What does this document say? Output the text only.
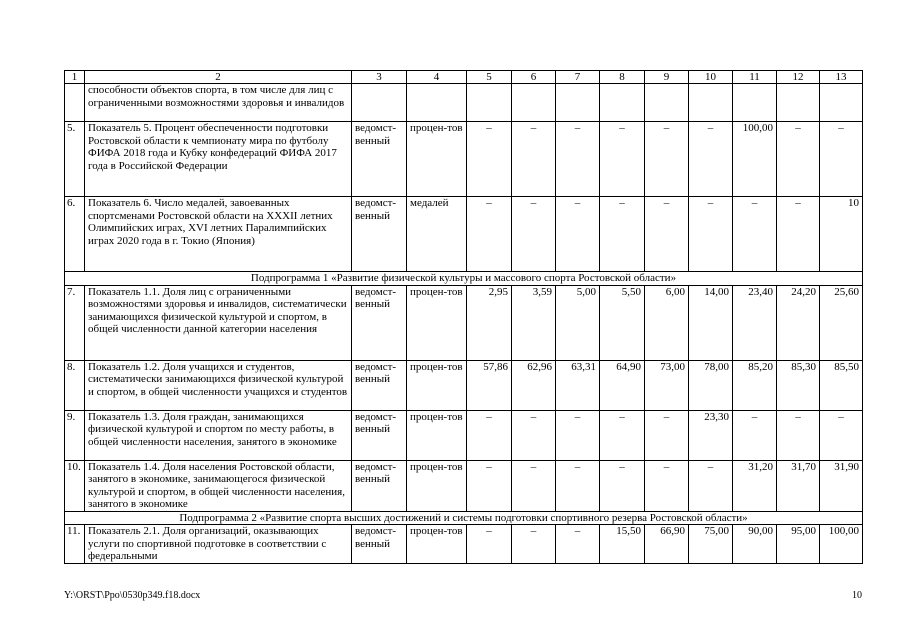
1	2	3	4	5	6	7	8	9	10	11	12	13
	способности объектов спорта, в том числе для лиц с ограниченными возможностями здоровья и инвалидов											
5.	Показатель 5. Процент обеспеченности подготовки Ростовской области к чемпионату мира по футболу ФИФА 2018 года и Кубку конфедераций ФИФА 2017 года в Российской Федерации	ведомст-венный	процен-тов	–	–	–	–	–	–	100,00	–	–
6.	Показатель 6. Число медалей, завоеванных спортсменами Ростовской области на XXXII летних Олимпийских играх, XVI летних Паралимпийских играх 2020 года в г. Токио (Япония)	ведомст-венный	медалей	–	–	–	–	–	–	–	–	10
Подпрограмма 1 «Развитие физической культуры и массового спорта Ростовской области»												
7.	Показатель 1.1. Доля лиц с ограниченными возможностями здоровья и инвалидов, систематически занимающихся физической культурой и спортом, в общей численности данной категории населения	ведомст-венный	процен-тов	2,95	3,59	5,00	5,50	6,00	14,00	23,40	24,20	25,60
8.	Показатель 1.2. Доля учащихся и студентов, систематически занимающихся физической культурой и спортом, в общей численности учащихся и студентов	ведомст-венный	процен-тов	57,86	62,96	63,31	64,90	73,00	78,00	85,20	85,30	85,50
9.	Показатель 1.3. Доля граждан, занимающихся физической культурой и спортом по месту работы, в общей численности населения, занятого в экономике	ведомст-венный	процен-тов	–	–	–	–	–	23,30	–	–	–
10.	Показатель 1.4. Доля населения Ростовской области, занятого в экономике, занимающегося физической культурой и спортом, в общей численности населения, занятого в экономике	ведомст-венный	процен-тов	–	–	–	–	–	–	31,20	31,70	31,90
Подпрограмма 2 «Развитие спорта высших достижений и системы подготовки спортивного резерва Ростовской области»												
11.	Показатель 2.1. Доля организаций, оказывающих услуги по спортивной подготовке в соответствии с федеральными	ведомст-венный	процен-тов	–	–	–	15,50	66,90	75,00	90,00	95,00	100,00
Y:\ORST\Ppo\0530p349.f18.docx	10
